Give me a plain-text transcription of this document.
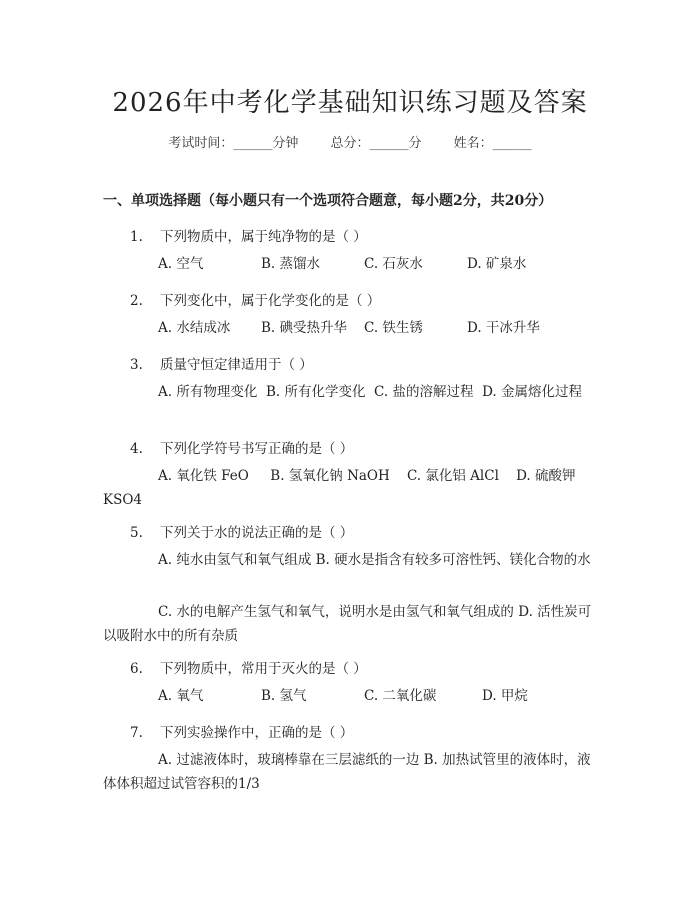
2026年中考化学基础知识练习题及答案
考试时间：______分钟 总分：______分 姓名：______
一、单项选择题（每小题只有一个选项符合题意，每小题2分，共20分）
1. 下列物质中，属于纯净物的是（ ）
A. 空气	B. 蒸馏水	C. 石灰水	D. 矿泉水
2. 下列变化中，属于化学变化的是（ ）
A. 水结成冰 B. 碘受热升华 C. 铁生锈	D. 干冰升华
3. 质量守恒定律适用于（ ）
A. 所有物理变化 B. 所有化学变化 C. 盐的溶解过程 D. 金属熔化过程
4. 下列化学符号书写正确的是（ ）
A. 氧化铁 FeO B. 氢氧化钠 NaOH C. 氯化铝 AlCl D. 硫酸钾 KSO4
5. 下列关于水的说法正确的是（ ）
A. 纯水由氢气和氧气组成 B. 硬水是指含有较多可溶性钙、镁化合物的水
C. 水的电解产生氢气和氧气，说明水是由氢气和氧气组成的 D. 活性炭可以吸附水中的所有杂质
6. 下列物质中，常用于灭火的是（ ）
A. 氧气	B. 氢气	C. 二氧化碳	D. 甲烷
7. 下列实验操作中，正确的是（ ）
A. 过滤液体时，玻璃棒靠在三层滤纸的一边 B. 加热试管里的液体时，液体体积超过试管容积的1/3
